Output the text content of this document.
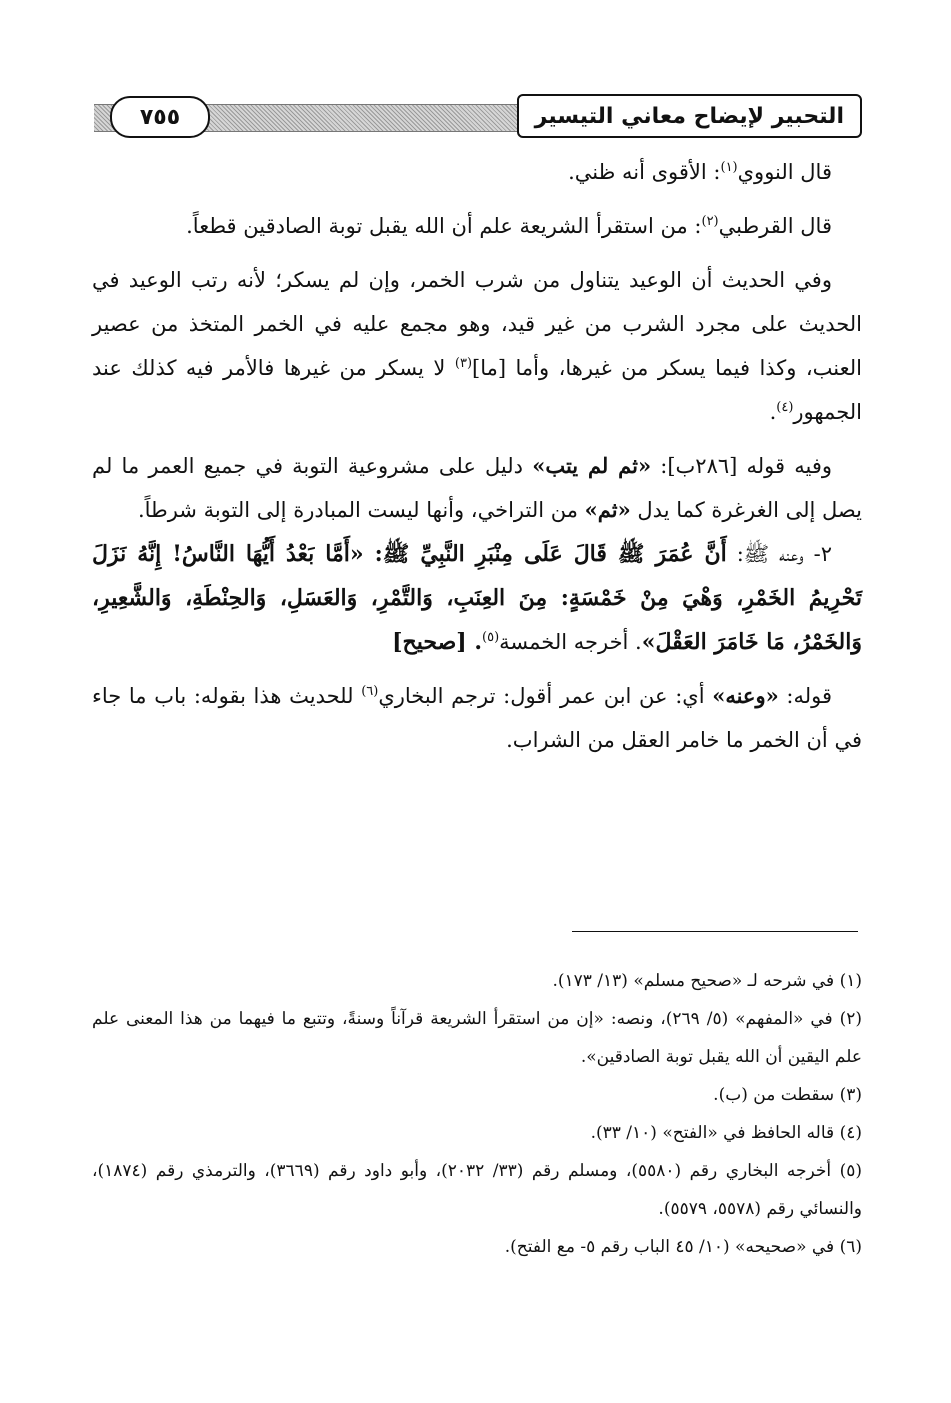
٧٥٥	التحبير لإيضاح معاني التيسير

قال النووي$^{(١)}$: الأقوى أنه ظني.

قال القرطبي$^{(٢)}$: من استقرأ الشريعة علم أن الله يقبل توبة الصادقين قطعاً.

وفي الحديث أن الوعيد يتناول من شرب الخمر، وإن لم يسكر؛ لأنه رتب الوعيد في الحديث على مجرد الشرب من غير قيد، وهو مجمع عليه في الخمر المتخذ من عصير العنب، وكذا فيما يسكر من غيرها، وأما [ما]$^{(٣)}$ لا يسكر من غيرها فالأمر فيه كذلك عند الجمهور$^{(٤)}$.

وفيه قوله [٢٨٦ب]: «ثم لم يتب» دليل على مشروعية التوبة في جميع العمر ما لم يصل إلى الغرغرة كما يدل «ثم» من التراخي، وأنها ليست المبادرة إلى التوبة شرطاً.

٢- وعنه ﷺ: أَنَّ عُمَرَ ﷺ قَالَ عَلَى مِنْبَرِ النَّبِيِّ ﷺ: «أَمَّا بَعْدُ أَيُّهَا النَّاسُ! إِنَّهُ نَزَلَ تَحْرِيمُ الخَمْرِ، وَهْيَ مِنْ خَمْسَةٍ: مِنَ العِنَبِ، وَالتَّمْرِ، وَالعَسَلِ، وَالحِنْطَةِ، وَالشَّعِيرِ، وَالخَمْرُ، مَا خَامَرَ العَقْلَ». أخرجه الخمسة$^{(٥)}$. [صحيح]

قوله: «وعنه» أي: عن ابن عمر أقول: ترجم البخاري$^{(٦)}$ للحديث هذا بقوله: باب ما جاء في أن الخمر ما خامر العقل من الشراب.

(١) في شرحه لـ «صحيح مسلم» (١٣/ ١٧٣).

(٢) في «المفهم» (٥/ ٢٦٩)، ونصه: «إن من استقرأ الشريعة قرآناً وسنةً، وتتبع ما فيهما من هذا المعنى علم علم اليقين أن الله يقبل توبة الصادقين».

(٣) سقطت من (ب).

(٤) قاله الحافظ في «الفتح» (١٠/ ٣٣).

(٥) أخرجه البخاري رقم (٥٥٨٠)، ومسلم رقم (٣٣/ ٢٠٣٢)، وأبو داود رقم (٣٦٦٩)، والترمذي رقم (١٨٧٤)، والنسائي رقم (٥٥٧٨، ٥٥٧٩).

(٦) في «صحيحه» (١٠/ ٤٥ الباب رقم ٥- مع الفتح).
